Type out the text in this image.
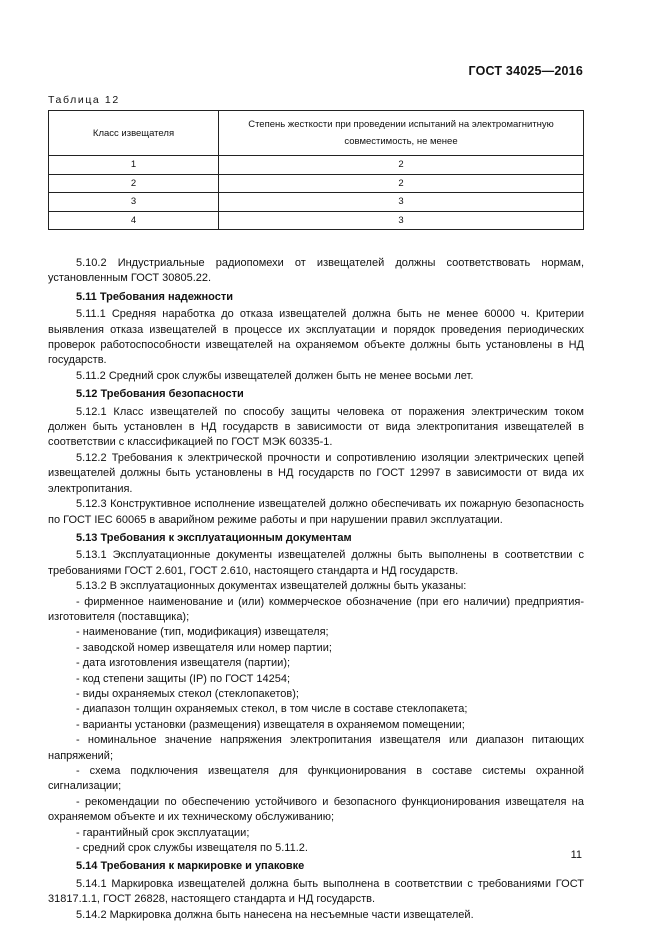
ГОСТ 34025—2016
Таблица 12
Класс извещателя	Степень жесткости при проведении испытаний на электромагнитную совместимость, не менее
1	2
2	2
3	3
4	3

5.10.2 Индустриальные радиопомехи от извещателей должны соответствовать нормам, установленным ГОСТ 30805.22.

5.11 Требования надежности

5.11.1 Средняя наработка до отказа извещателей должна быть не менее 60000 ч. Критерии выявления отказа извещателей в процессе их эксплуатации и порядок проведения периодических проверок работоспособности извещателей на охраняемом объекте должны быть установлены в НД государств.

5.11.2 Средний срок службы извещателей должен быть не менее восьми лет.

5.12 Требования безопасности

5.12.1 Класс извещателей по способу защиты человека от поражения электрическим током должен быть установлен в НД государств в зависимости от вида электропитания извещателей в соответствии с классификацией по ГОСТ МЭК 60335-1.

5.12.2 Требования к электрической прочности и сопротивлению изоляции электрических цепей извещателей должны быть установлены в НД государств по ГОСТ 12997 в зависимости от вида их электропитания.

5.12.3 Конструктивное исполнение извещателей должно обеспечивать их пожарную безопасность по ГОСТ IEC 60065 в аварийном режиме работы и при нарушении правил эксплуатации.

5.13 Требования к эксплуатационным документам

5.13.1 Эксплуатационные документы извещателей должны быть выполнены в соответствии с требованиями ГОСТ 2.601, ГОСТ 2.610, настоящего стандарта и НД государств.

5.13.2 В эксплуатационных документах извещателей должны быть указаны:

- фирменное наименование и (или) коммерческое обозначение (при его наличии) предприятия-изготовителя (поставщика);

- наименование (тип, модификация) извещателя;

- заводской номер извещателя или номер партии;

- дата изготовления извещателя (партии);

- код степени защиты (IP) по ГОСТ 14254;

- виды охраняемых стекол (стеклопакетов);

- диапазон толщин охраняемых стекол, в том числе в составе стеклопакета;

- варианты установки (размещения) извещателя в охраняемом помещении;

- номинальное значение напряжения электропитания извещателя или диапазон питающих напряжений;

- схема подключения извещателя для функционирования в составе системы охранной сигнализации;

- рекомендации по обеспечению устойчивого и безопасного функционирования извещателя на охраняемом объекте и их техническому обслуживанию;

- гарантийный срок эксплуатации;

- средний срок службы извещателя по 5.11.2.

5.14 Требования к маркировке и упаковке

5.14.1 Маркировка извещателей должна быть выполнена в соответствии с требованиями ГОСТ 31817.1.1, ГОСТ 26828, настоящего стандарта и НД государств.

5.14.2 Маркировка должна быть нанесена на несъемные части извещателей.

11
